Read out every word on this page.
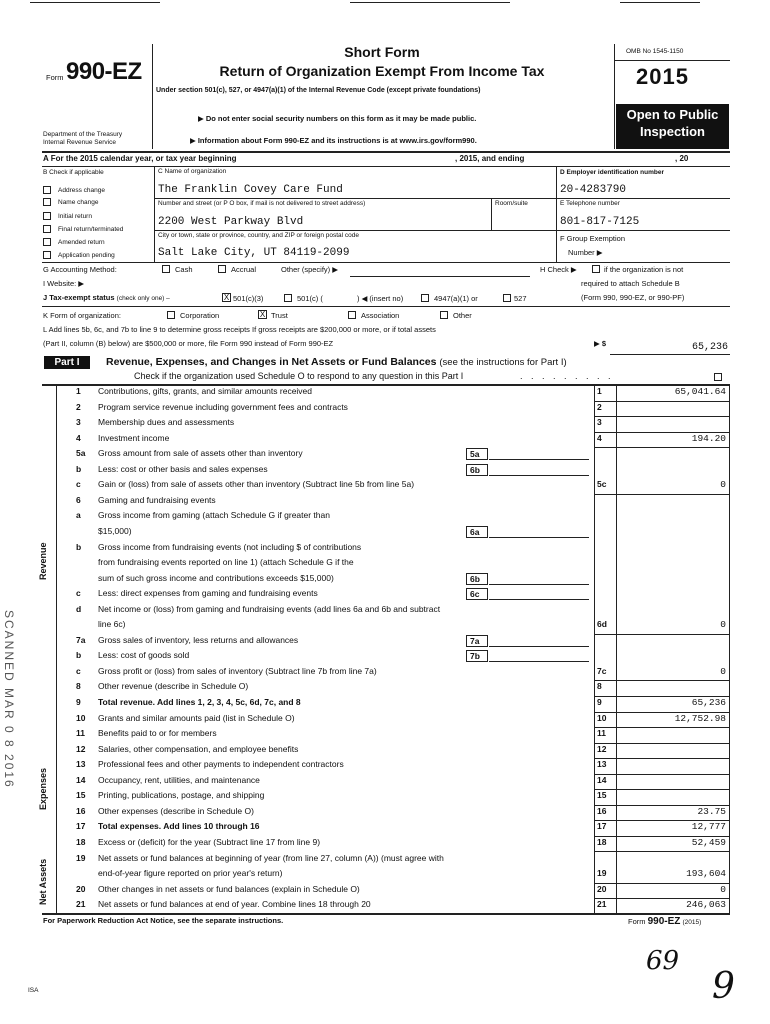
Form 990-EZ
Department of the Treasury
Internal Revenue Service
Short Form
Return of Organization Exempt From Income Tax
Under section 501(c), 527, or 4947(a)(1) of the Internal Revenue Code (except private foundations)
▶ Do not enter social security numbers on this form as it may be made public.
▶ Information about Form 990-EZ and its instructions is at www.irs.gov/form990.
OMB No 1545-1150
2015
Open to Public
Inspection
A For the 2015 calendar year, or tax year beginning	, 2015, and ending	, 20
B Check if applicable
Address change
Name change
Initial return
Final return/terminated
Amended return
Application pending
C Name of organization
The Franklin Covey Care Fund
Number and street (or P O box, if mail is not delivered to street address)	Room/suite
2200 West Parkway Blvd
City or town, state or province, country, and ZIP or foreign postal code
Salt Lake City, UT 84119-2099
D Employer identification number
20-4283790
E Telephone number
801-817-7125
F Group Exemption
Number ▶
G Accounting Method:	Cash	Accrual	Other (specify) ▶	H Check ▶	if the organization is not
I Website: ▶	required to attach Schedule B
(Form 990, 990-EZ, or 990-PF)
J Tax-exempt status (check only one) –	X 501(c)(3)	501(c) (	) ◀ (insert no)	4947(a)(1) or	527
K Form of organization:	Corporation	X Trust	Association	Other
L Add lines 5b, 6c, and 7b to line 9 to determine gross receipts If gross receipts are $200,000 or more, or if total assets
(Part II, column (B) below) are $500,000 or more, file Form 990 instead of Form 990-EZ	▶ $	65,236
Part I	Revenue, Expenses, and Changes in Net Assets or Fund Balances (see the instructions for Part I)
Check if the organization used Schedule O to respond to any question in this Part I	. . . . . . . . .
1 Contributions, gifts, grants, and similar amounts received	1	65,041.64
2 Program service revenue including government fees and contracts	2
3 Membership dues and assessments	3
4 Investment income	4	194.20
5a Gross amount from sale of assets other than inventory	5a
b Less: cost or other basis and sales expenses	6b
c Gain or (loss) from sale of assets other than inventory (Subtract line 5b from line 5a)	5c	0
6 Gaming and fundraising events
a Gross income from gaming (attach Schedule G if greater than
$15,000)	6a
b Gross income from fundraising events (not including $ of contributions
from fundraising events reported on line 1) (attach Schedule G if the
sum of such gross income and contributions exceeds $15,000)	6b
c Less: direct expenses from gaming and fundraising events	6c
d Net income or (loss) from gaming and fundraising events (add lines 6a and 6b and subtract
line 6c)	6d	0
7a Gross sales of inventory, less returns and allowances	7a
b Less: cost of goods sold	7b
c Gross profit or (loss) from sales of inventory (Subtract line 7b from line 7a)	7c	0
8 Other revenue (describe in Schedule O)	8
9 Total revenue. Add lines 1, 2, 3, 4, 5c, 6d, 7c, and 8	9	65,236
10 Grants and similar amounts paid (list in Schedule O)	10	12,752.98
11 Benefits paid to or for members	11
12 Salaries, other compensation, and employee benefits	12
13 Professional fees and other payments to independent contractors	13
14 Occupancy, rent, utilities, and maintenance	14
15 Printing, publications, postage, and shipping	15
16 Other expenses (describe in Schedule O)	16	23.75
17 Total expenses. Add lines 10 through 16	17	12,777
18 Excess or (deficit) for the year (Subtract line 17 from line 9)	18	52,459
19 Net assets or fund balances at beginning of year (from line 27, column (A)) (must agree with
end-of-year figure reported on prior year's return)	19	193,604
20 Other changes in net assets or fund balances (explain in Schedule O)	20	0
21 Net assets or fund balances at end of year. Combine lines 18 through 20	21	246,063
Revenue
Expenses
Net Assets
SCANNED MAR 0 8 2016
For Paperwork Reduction Act Notice, see the separate instructions.	Form 990-EZ (2015)
69
9
ISA
